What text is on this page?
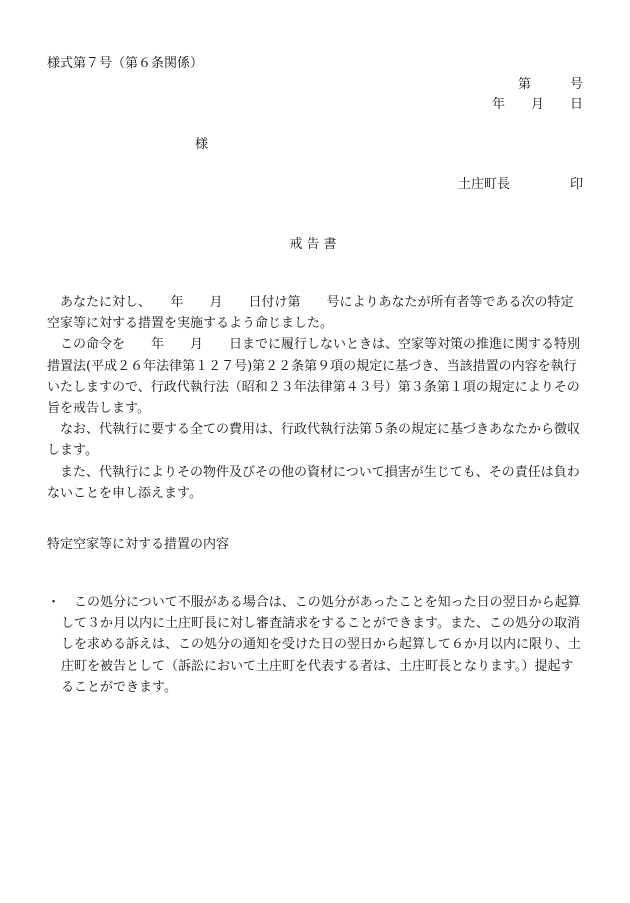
様式第７号（第６条関係）
第　　　号
年　　月　　日
様
土庄町長	印
戒告書

あなたに対し、　　年　　月　　日付け第　　号によりあなたが所有者等である次の特定空家等に対する措置を実施するよう命じました。

この命令を　　年　　月　　日までに履行しないときは、空家等対策の推進に関する特別措置法(平成２６年法律第１２７号)第２２条第９項の規定に基づき、当該措置の内容を執行いたしますので、行政代執行法（昭和２３年法律第４３号）第３条第１項の規定によりその旨を戒告します。

なお、代執行に要する全ての費用は、行政代執行法第５条の規定に基づきあなたから徴収します。

また、代執行によりその物件及びその他の資材について損害が生じても、その責任は負わないことを申し添えます。

特定空家等に対する措置の内容
・	この処分について不服がある場合は、この処分があったことを知った日の翌日から起算して３か月以内に土庄町長に対し審査請求をすることができます。また、この処分の取消しを求める訴えは、この処分の通知を受けた日の翌日から起算して６か月以内に限り、土庄町を被告として（訴訟において土庄町を代表する者は、土庄町長となります。）提起することができます。
